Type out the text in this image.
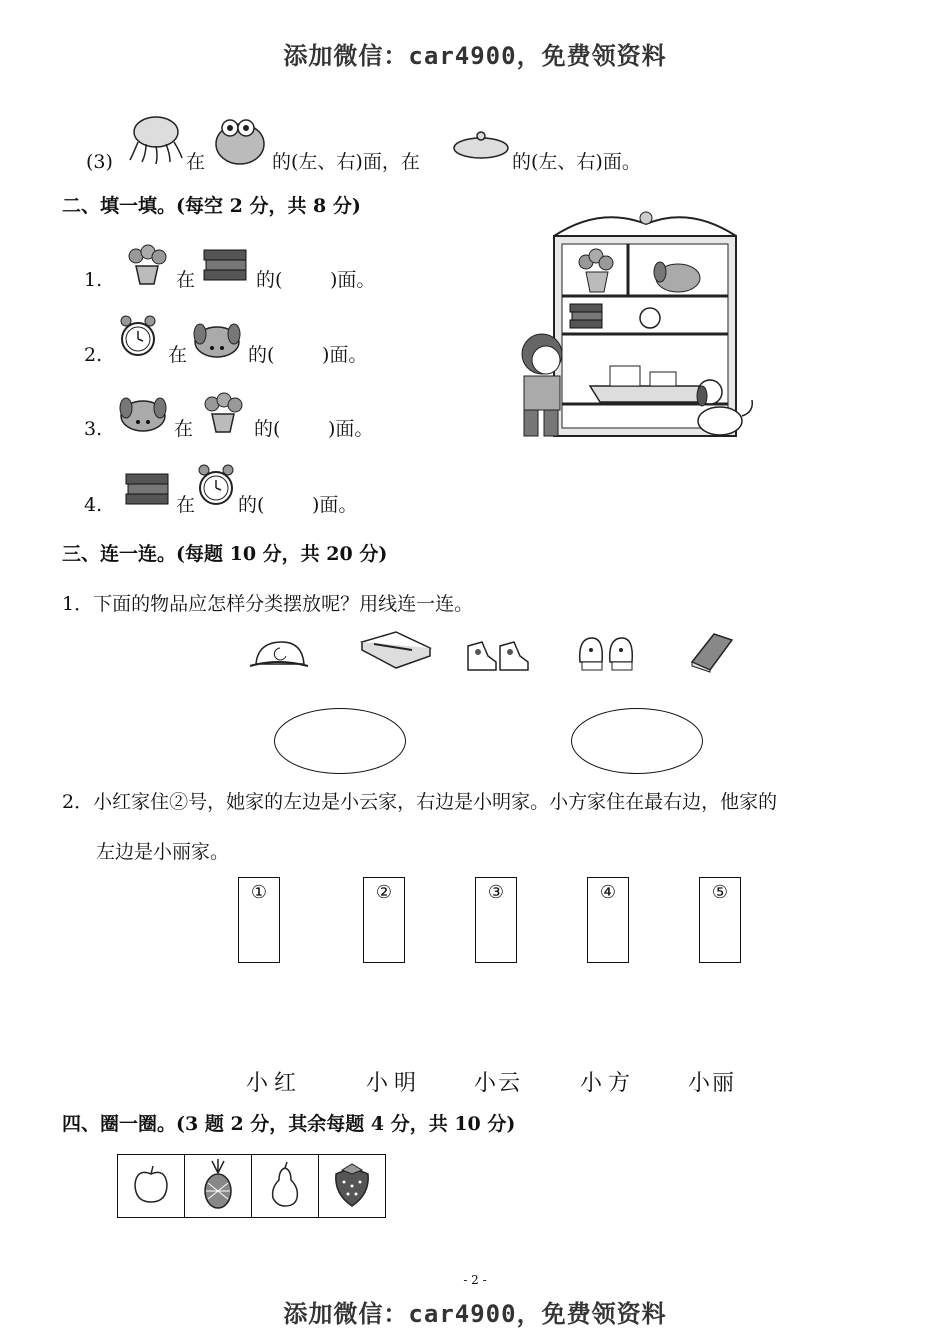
添加微信：car4900，免费领资料
(3)	在	的(左、右)面，在	的(左、右)面。
二、填一填。(每空 2 分，共 8 分)
1.	在	的(	)面。
2.	在	的(	)面。
3.	在	的(	)面。
4.	在 的(	)面。
三、连一连。(每题 10 分，共 20 分)
1．下面的物品应怎样分类摆放呢？用线连一连。
2．小红家住②号，她家的左边是小云家，右边是小明家。小方家住在最右边，他家的
左边是小丽家。
①	②	③	④	⑤
小红	小明 小云	小方 小丽
四、圈一圈。(3 题 2 分，其余每题 4 分，共 10 分)

- 2 -
添加微信：car4900，免费领资料
